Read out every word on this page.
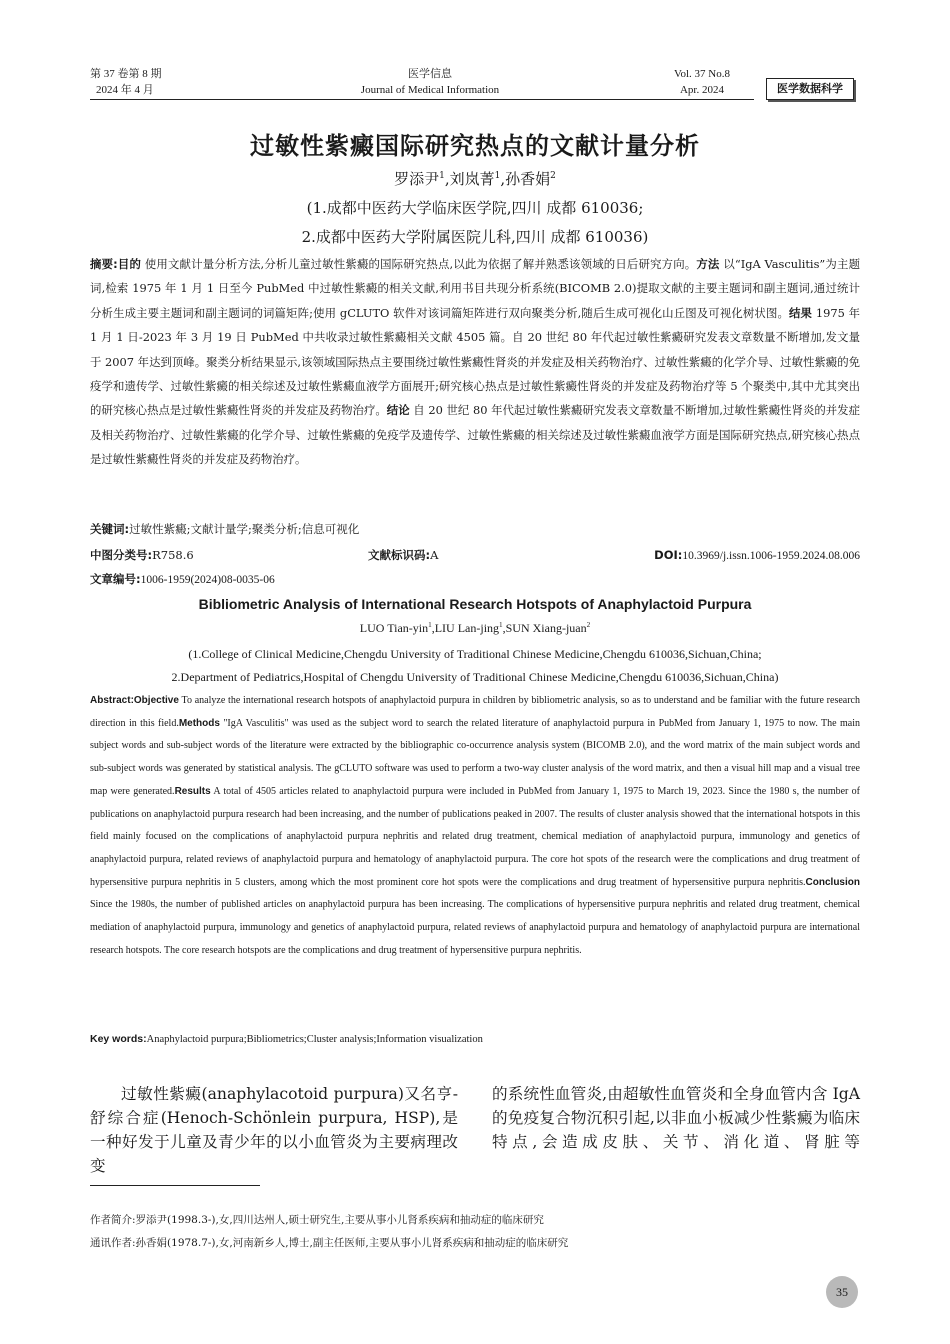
第 37 卷第 8 期
2024 年 4 月
医学信息
Journal of Medical Information
Vol. 37 No.8
Apr. 2024	医学数据科学
过敏性紫癜国际研究热点的文献计量分析
罗添尹$^1$,刘岚菁$^1$,孙香娟$^2$
(1.成都中医药大学临床医学院,四川 成都 610036;
2.成都中医药大学附属医院儿科,四川 成都 610036)
摘要:目的 使用文献计量分析方法,分析儿童过敏性紫癜的国际研究热点,以此为依据了解并熟悉该领域的日后研究方向。方法 以“IgA Vasculitis”为主题词,检索 1975 年 1 月 1 日至今 PubMed 中过敏性紫癜的相关文献,利用书目共现分析系统(BICOMB 2.0)提取文献的主要主题词和副主题词,通过统计分析生成主要主题词和副主题词的词篇矩阵;使用 gCLUTO 软件对该词篇矩阵进行双向聚类分析,随后生成可视化山丘图及可视化树状图。结果 1975 年 1 月 1 日-2023 年 3 月 19 日 PubMed 中共收录过敏性紫癜相关文献 4505 篇。自 20 世纪 80 年代起过敏性紫癜研究发表文章数量不断增加,发文量于 2007 年达到顶峰。聚类分析结果显示,该领域国际热点主要围绕过敏性紫癜性肾炎的并发症及相关药物治疗、过敏性紫癜的化学介导、过敏性紫癜的免疫学和遗传学、过敏性紫癜的相关综述及过敏性紫癜血液学方面展开;研究核心热点是过敏性紫癜性肾炎的并发症及药物治疗等 5 个聚类中,其中尤其突出的研究核心热点是过敏性紫癜性肾炎的并发症及药物治疗。结论 自 20 世纪 80 年代起过敏性紫癜研究发表文章数量不断增加,过敏性紫癜性肾炎的并发症及相关药物治疗、过敏性紫癜的化学介导、过敏性紫癜的免疫学及遗传学、过敏性紫癜的相关综述及过敏性紫癜血液学方面是国际研究热点,研究核心热点是过敏性紫癜性肾炎的并发症及药物治疗。
关键词:过敏性紫癜;文献计量学;聚类分析;信息可视化
中图分类号:R758.6	文献标识码:A	DOI:10.3969/j.issn.1006-1959.2024.08.006
文章编号:1006-1959(2024)08-0035-06
Bibliometric Analysis of International Research Hotspots of Anaphylactoid Purpura
LUO Tian-yin$^1$,LIU Lan-jing$^1$,SUN Xiang-juan$^2$
(1.College of Clinical Medicine,Chengdu University of Traditional Chinese Medicine,Chengdu 610036,Sichuan,China;
2.Department of Pediatrics,Hospital of Chengdu University of Traditional Chinese Medicine,Chengdu 610036,Sichuan,China)
Abstract:Objective To analyze the international research hotspots of anaphylactoid purpura in children by bibliometric analysis, so as to understand and be familiar with the future research direction in this field.Methods "IgA Vasculitis" was used as the subject word to search the related literature of anaphylactoid purpura in PubMed from January 1, 1975 to now. The main subject words and sub-subject words of the literature were extracted by the bibliographic co-occurrence analysis system (BICOMB 2.0), and the word matrix of the main subject words and sub-subject words was generated by statistical analysis. The gCLUTO software was used to perform a two-way cluster analysis of the word matrix, and then a visual hill map and a visual tree map were generated.Results A total of 4505 articles related to anaphylactoid purpura were included in PubMed from January 1, 1975 to March 19, 2023. Since the 1980 s, the number of publications on anaphylactoid purpura research had been increasing, and the number of publications peaked in 2007. The results of cluster analysis showed that the international hotspots in this field mainly focused on the complications of anaphylactoid purpura nephritis and related drug treatment, chemical mediation of anaphylactoid purpura, immunology and genetics of anaphylactoid purpura, related reviews of anaphylactoid purpura and hematology of anaphylactoid purpura. The core hot spots of the research were the complications and drug treatment of hypersensitive purpura nephritis in 5 clusters, among which the most prominent core hot spots were the complications and drug treatment of hypersensitive purpura nephritis.Conclusion Since the 1980s, the number of published articles on anaphylactoid purpura has been increasing. The complications of hypersensitive purpura nephritis and related drug treatment, chemical mediation of anaphylactoid purpura, immunology and genetics of anaphylactoid purpura, related reviews of anaphylactoid purpura and hematology of anaphylactoid purpura are international research hotspots. The core research hotspots are the complications and drug treatment of hypersensitive purpura nephritis.
Key words:Anaphylactoid purpura;Bibliometrics;Cluster analysis;Information visualization
过敏性紫癜(anaphylacotoid purpura)又名亨-舒综合症(Henoch-Schönlein purpura, HSP),是一种好发于儿童及青少年的以小血管炎为主要病理改变
的系统性血管炎,由超敏性血管炎和全身血管内含 IgA 的免疫复合物沉积引起,以非血小板减少性紫癜为临床特点,会造成皮肤、关节、消化道、肾脏等
作者简介:罗添尹(1998.3-),女,四川达州人,硕士研究生,主要从事小儿肾系疾病和抽动症的临床研究
通讯作者:孙香娟(1978.7-),女,河南新乡人,博士,副主任医师,主要从事小儿肾系疾病和抽动症的临床研究
35
